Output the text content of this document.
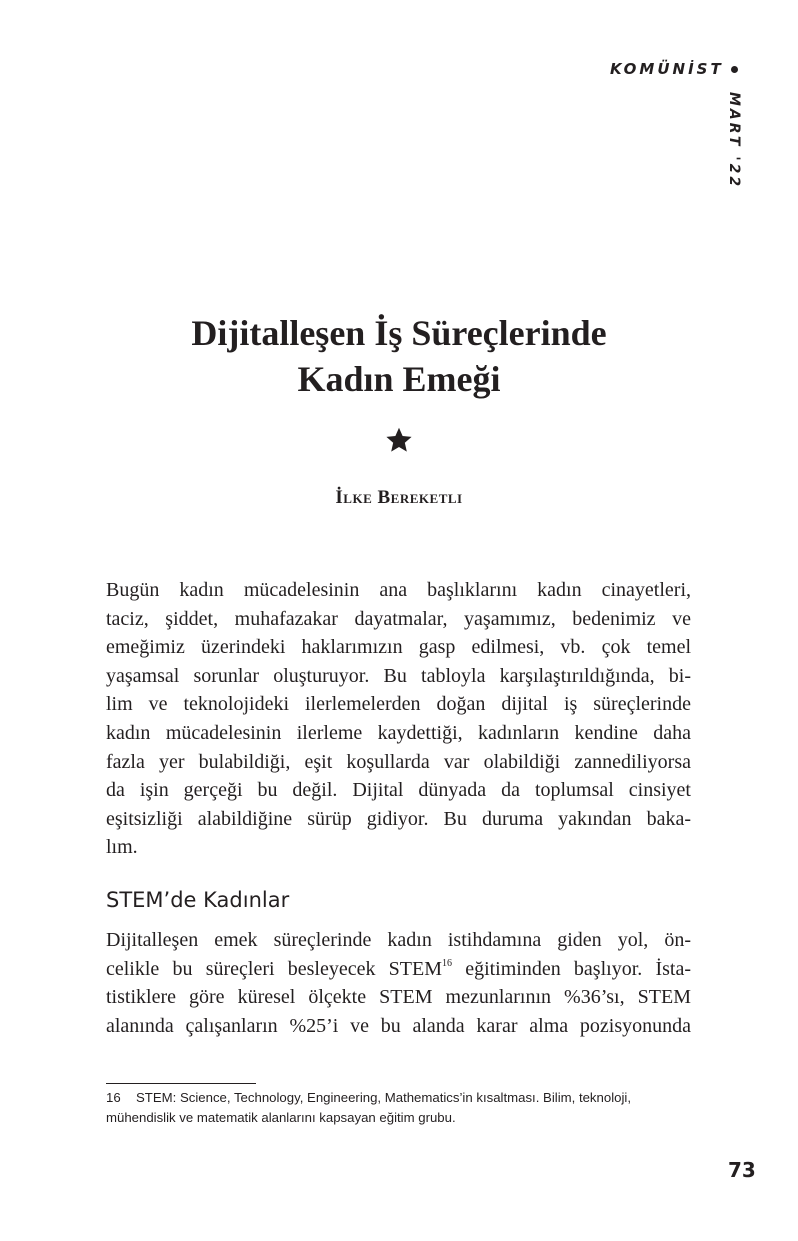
KOMÜNİST
MART '22
Dijitalleşen İş Süreçlerinde
Kadın Emeği
İlke Bereketli
Bugün kadın mücadelesinin ana başlıklarını kadın cinayetleri,
taciz, şiddet, muhafazakar dayatmalar, yaşamımız, bedenimiz ve
emeğimiz üzerindeki haklarımızın gasp edilmesi, vb. çok temel
yaşamsal sorunlar oluşturuyor. Bu tabloyla karşılaştırıldığında, bi-
lim ve teknolojideki ilerlemelerden doğan dijital iş süreçlerinde
kadın mücadelesinin ilerleme kaydettiği, kadınların kendine daha
fazla yer bulabildiği, eşit koşullarda var olabildiği zannediliyorsa
da işin gerçeği bu değil. Dijital dünyada da toplumsal cinsiyet
eşitsizliği alabildiğine sürüp gidiyor. Bu duruma yakından baka-
lım.
STEM’de Kadınlar
Dijitalleşen emek süreçlerinde kadın istihdamına giden yol, ön-
celikle bu süreçleri besleyecek STEM$^{16}$ eğitiminden başlıyor. İsta-
tistiklere göre küresel ölçekte STEM mezunlarının %36’sı, STEM
alanında çalışanların %25’i ve bu alanda karar alma pozisyonunda
16 STEM: Science, Technology, Engineering, Mathematics’in kısaltması. Bilim, teknoloji, mühendislik ve matematik alanlarını kapsayan eğitim grubu.
73
